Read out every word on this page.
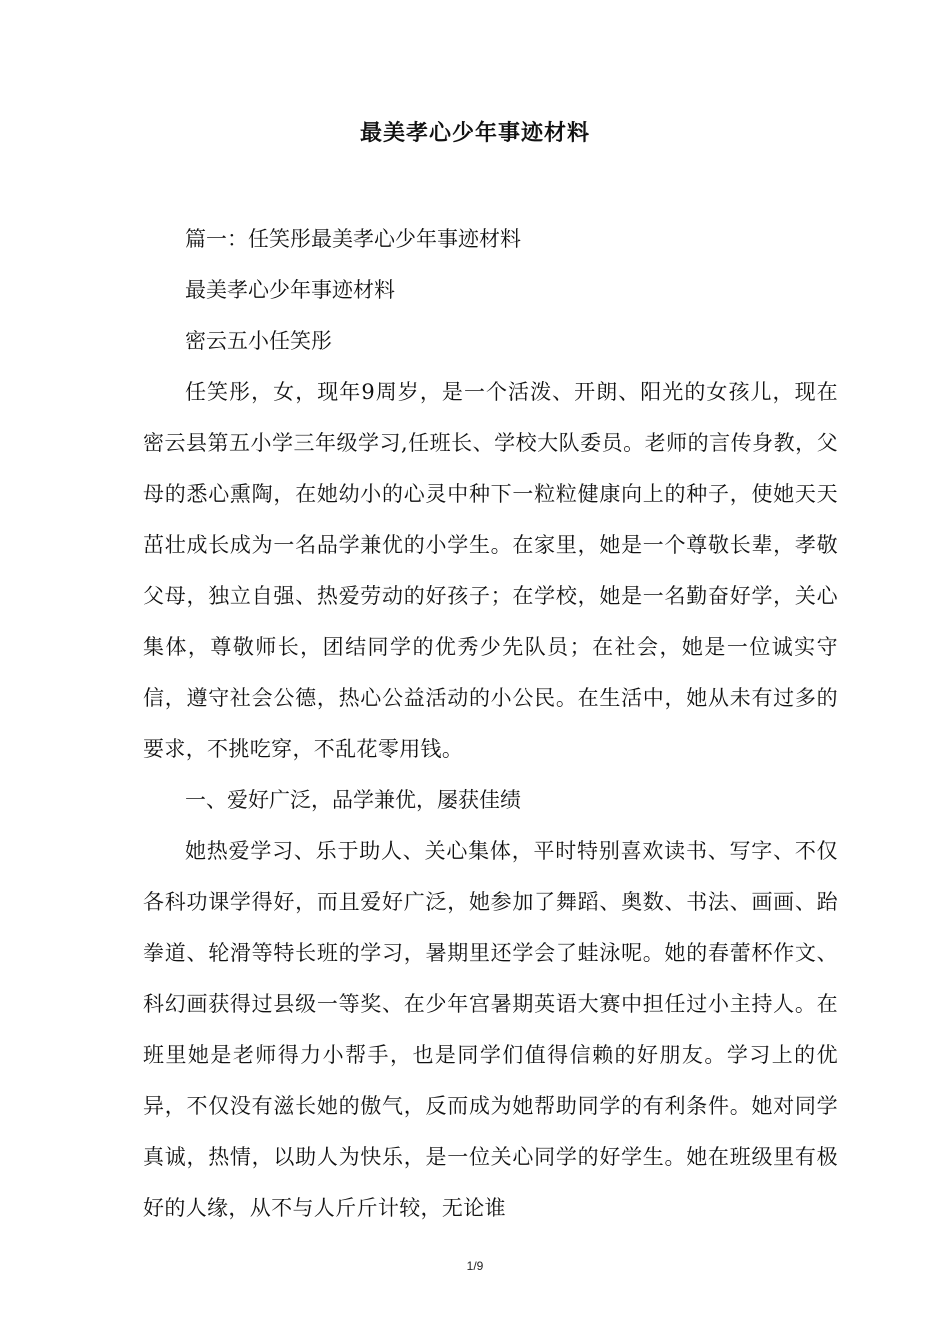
最美孝心少年事迹材料

篇一：任笑彤最美孝心少年事迹材料

最美孝心少年事迹材料

密云五小任笑彤

任笑彤，女，现年9周岁，是一个活泼、开朗、阳光的女孩儿，现在密云县第五小学三年级学习,任班长、学校大队委员。老师的言传身教，父母的悉心熏陶，在她幼小的心灵中种下一粒粒健康向上的种子，使她天天茁壮成长成为一名品学兼优的小学生。在家里，她是一个尊敬长辈，孝敬父母，独立自强、热爱劳动的好孩子；在学校，她是一名勤奋好学，关心集体，尊敬师长，团结同学的优秀少先队员；在社会，她是一位诚实守信，遵守社会公德，热心公益活动的小公民。在生活中，她从未有过多的要求，不挑吃穿，不乱花零用钱。

一、爱好广泛，品学兼优，屡获佳绩

她热爱学习、乐于助人、关心集体，平时特别喜欢读书、写字、不仅各科功课学得好，而且爱好广泛，她参加了舞蹈、奥数、书法、画画、跆拳道、轮滑等特长班的学习，暑期里还学会了蛙泳呢。她的春蕾杯作文、科幻画获得过县级一等奖、在少年宫暑期英语大赛中担任过小主持人。在班里她是老师得力小帮手，也是同学们值得信赖的好朋友。学习上的优异，不仅没有滋长她的傲气，反而成为她帮助同学的有利条件。她对同学真诚，热情，以助人为快乐，是一位关心同学的好学生。她在班级里有极好的人缘，从不与人斤斤计较，无论谁

1/9
